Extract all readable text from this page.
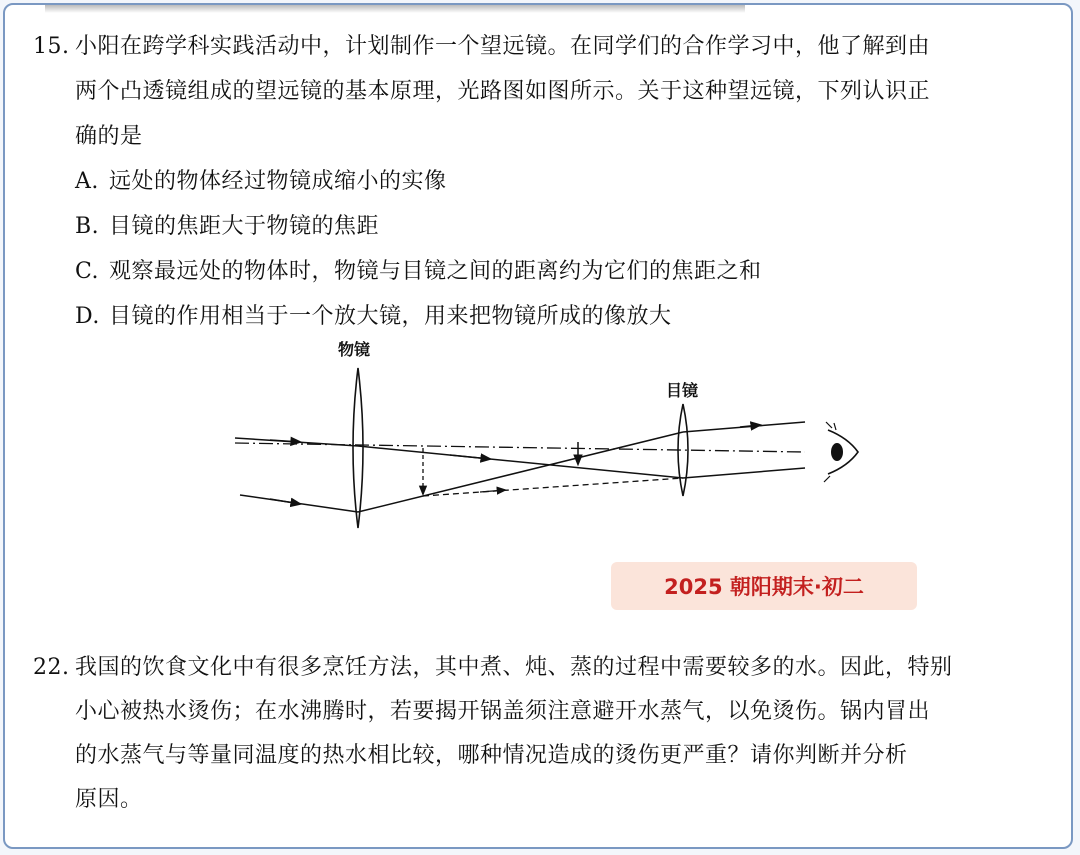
15. 小阳在跨学科实践活动中，计划制作一个望远镜。在同学们的合作学习中，他了解到由
两个凸透镜组成的望远镜的基本原理，光路图如图所示。关于这种望远镜，下列认识正
确的是
A. 远处的物体经过物镜成缩小的实像
B. 目镜的焦距大于物镜的焦距
C. 观察最远处的物体时，物镜与目镜之间的距离约为它们的焦距之和
D. 目镜的作用相当于一个放大镜，用来把物镜所成的像放大
物镜
目镜
2025 朝阳期末·初二
22. 我国的饮食文化中有很多烹饪方法，其中煮、炖、蒸的过程中需要较多的水。因此，特别
小心被热水烫伤；在水沸腾时，若要揭开锅盖须注意避开水蒸气，以免烫伤。锅内冒出
的水蒸气与等量同温度的热水相比较，哪种情况造成的烫伤更严重？请你判断并分析
原因。
